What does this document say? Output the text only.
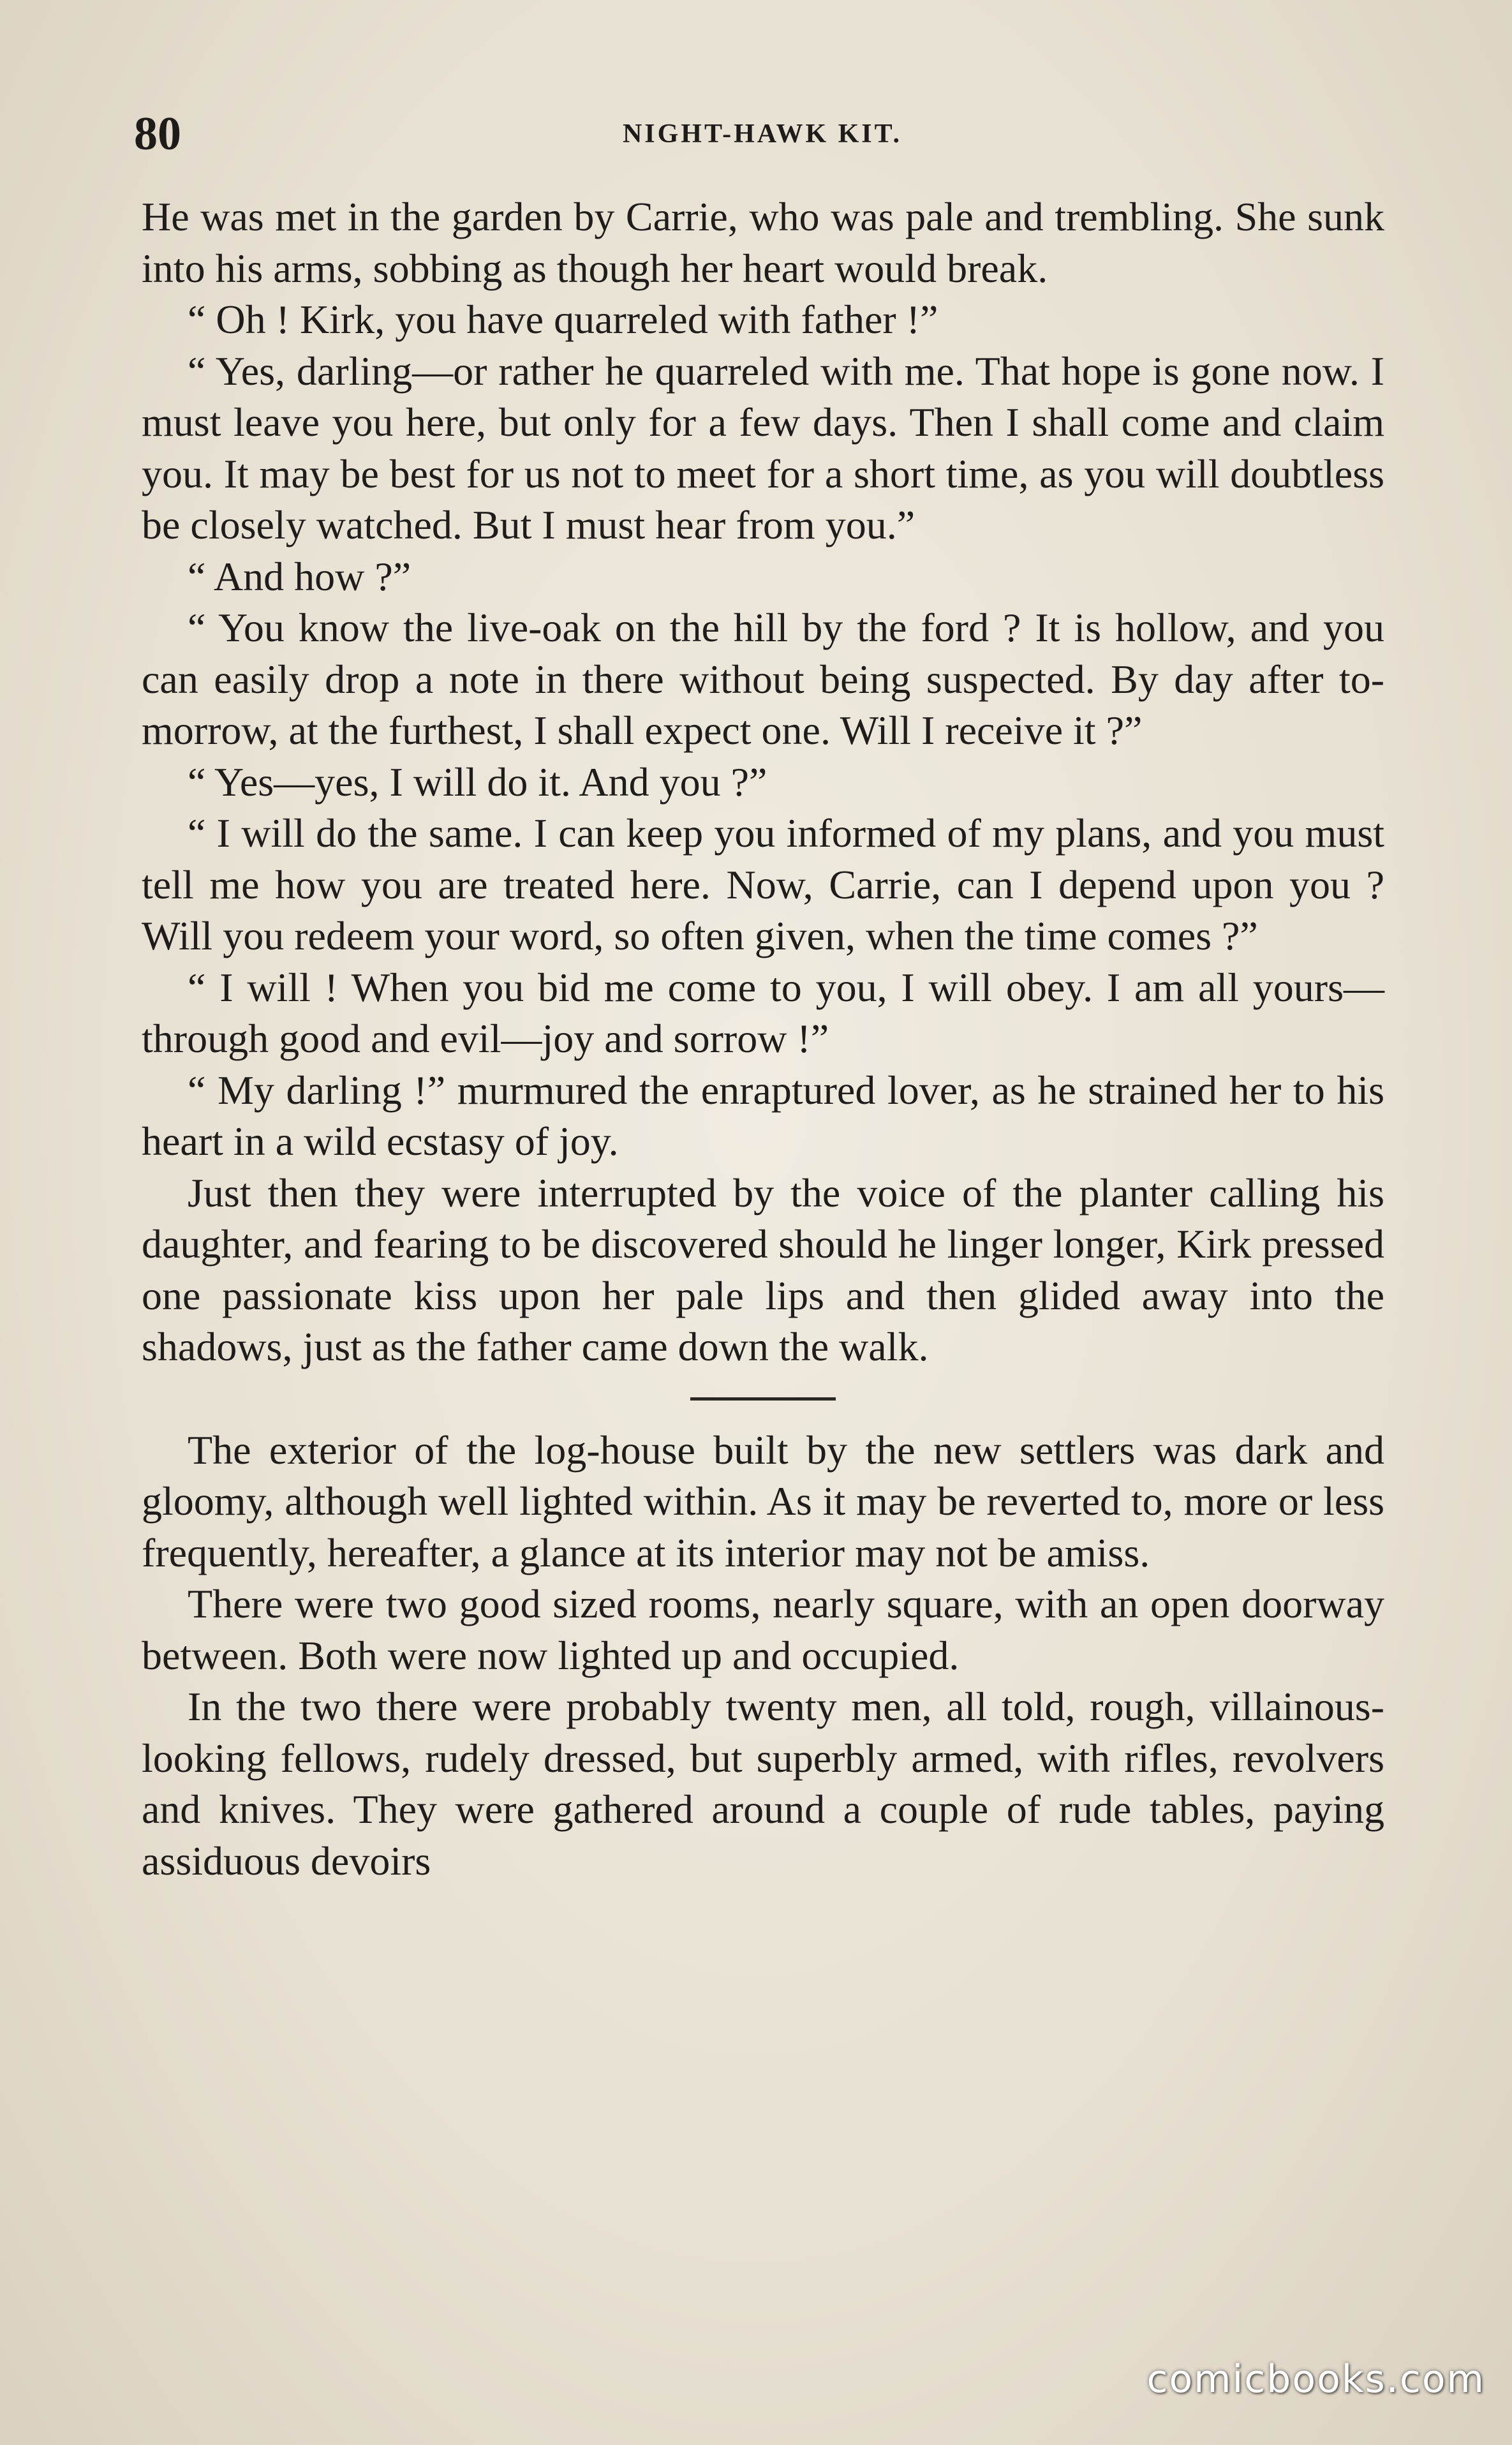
80	NIGHT-HAWK KIT.

He was met in the garden by Carrie, who was pale and trembling. She sunk into his arms, sobbing as though her heart would break.

“ Oh ! Kirk, you have quarreled with father !”

“ Yes, darling—or rather he quarreled with me. That hope is gone now. I must leave you here, but only for a few days. Then I shall come and claim you. It may be best for us not to meet for a short time, as you will doubtless be closely watched. But I must hear from you.”

“ And how ?”

“ You know the live-oak on the hill by the ford ? It is hollow, and you can easily drop a note in there without being suspected. By day after to-morrow, at the furthest, I shall expect one. Will I receive it ?”

“ Yes—yes, I will do it. And you ?”

“ I will do the same. I can keep you informed of my plans, and you must tell me how you are treated here. Now, Carrie, can I depend upon you ? Will you redeem your word, so often given, when the time comes ?”

“ I will ! When you bid me come to you, I will obey. I am all yours—through good and evil—joy and sorrow !”

“ My darling !” murmured the enraptured lover, as he strained her to his heart in a wild ecstasy of joy.

Just then they were interrupted by the voice of the planter calling his daughter, and fearing to be discovered should he linger longer, Kirk pressed one passionate kiss upon her pale lips and then glided away into the shadows, just as the father came down the walk.

The exterior of the log-house built by the new settlers was dark and gloomy, although well lighted within. As it may be reverted to, more or less frequently, hereafter, a glance at its interior may not be amiss.

There were two good sized rooms, nearly square, with an open doorway between. Both were now lighted up and occupied.

In the two there were probably twenty men, all told, rough, villainous-looking fellows, rudely dressed, but superbly armed, with rifles, revolvers and knives. They were gathered around a couple of rude tables, paying assiduous devoirs

comicbooks.com
